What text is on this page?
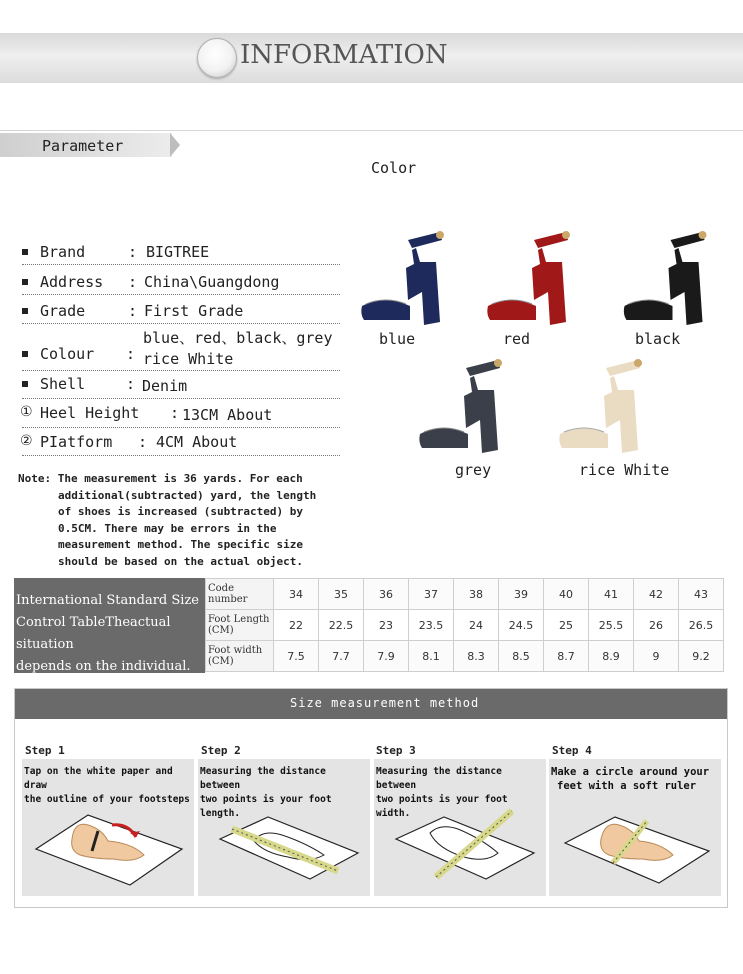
INFORMATION
Parameter
Color
Brand	: BIGTREE
Address : China\Guangdong
Grade	: First Grade
blue、red、black、grey
Colour : rice White
Shell	: Denim
① Heel Height : 13CM About
② PIatform : 4CM About
Note: The measurement is 36 yards. For each
additional(subtracted) yard, the length
of shoes is increased (subtracted) by
0.5CM. There may be errors in the
measurement method. The specific size
should be based on the actual object.
blue	red	black
grey	rice White
International Standard Size
Control TableTheactual situation
depends on the individual.
Code number	34	35	36	37	38	39	40	41	42	43
Foot Length (CM)	22	22.5	23	23.5	24	24.5	25	25.5	26	26.5
Foot width (CM)	7.5	7.7	7.9	8.1	8.3	8.5	8.7	8.9	9	9.2
Size measurement method
Step 1	Step 2	Step 3	Step 4
Tap on the white paper and draw
the outline of your footsteps
Measuring the distance between
two points is your foot length.
Measuring the distance between
two points is your foot width.
Make a circle around your
feet with a soft ruler
